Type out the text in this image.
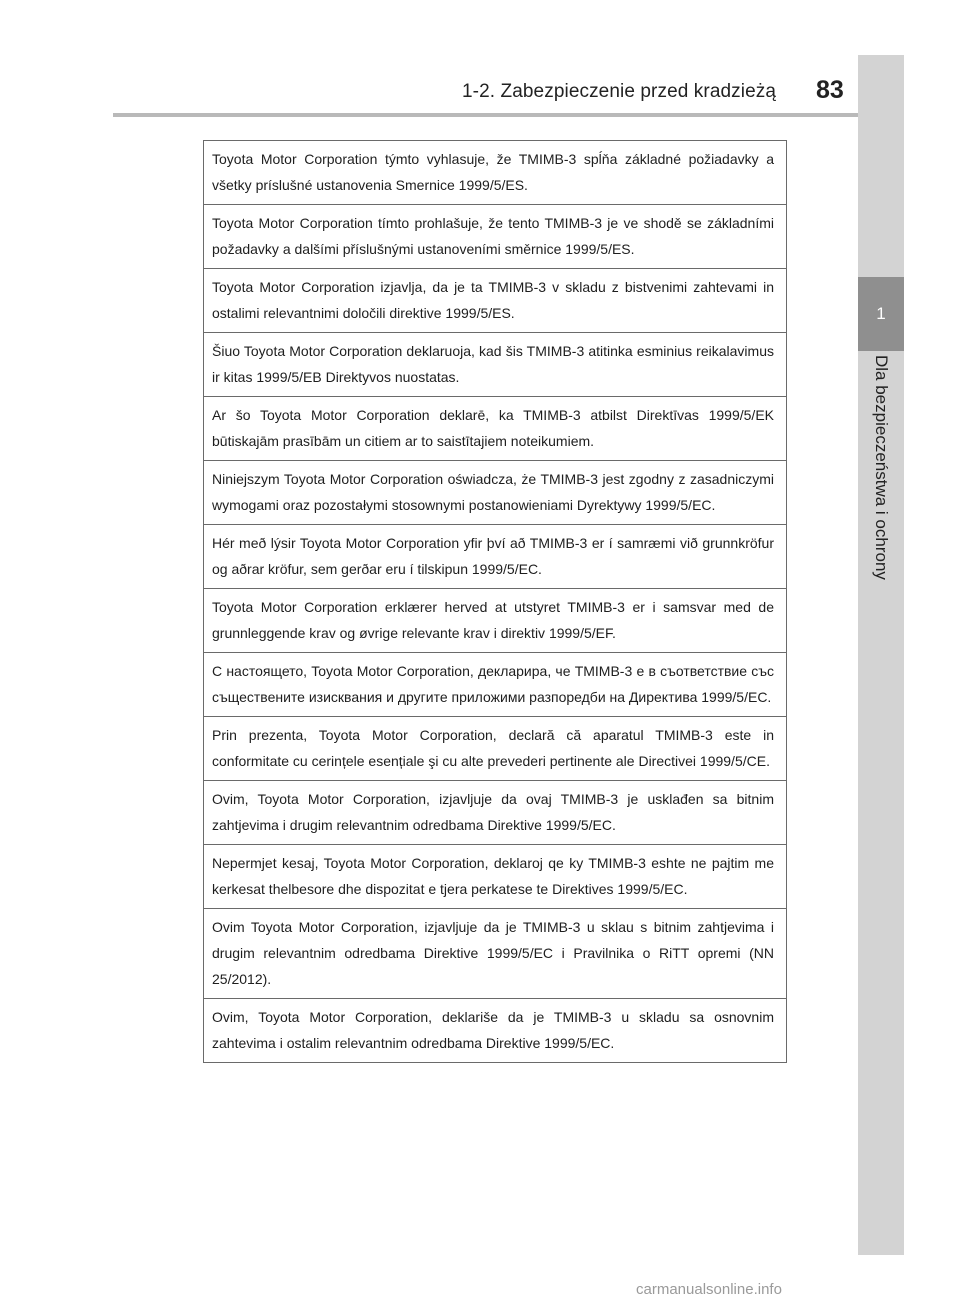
1-2. Zabezpieczenie przed kradzieżą 83
1
Dla bezpieczeństwa i ochrony
Toyota Motor Corporation týmto vyhlasuje, že TMIMB-3 spĺňa základné požiadavky a všetky príslušné ustanovenia Smernice 1999/5/ES.
Toyota Motor Corporation tímto prohlašuje, že tento TMIMB-3 je ve shodě se základními požadavky a dalšími příslušnými ustanoveními směrnice 1999/5/ES.
Toyota Motor Corporation izjavlja, da je ta TMIMB-3 v skladu z bistvenimi zahtevami in ostalimi relevantnimi določili direktive 1999/5/ES.
Šiuo Toyota Motor Corporation deklaruoja, kad šis TMIMB-3 atitinka esminius reikalavimus ir kitas 1999/5/EB Direktyvos nuostatas.
Ar šo Toyota Motor Corporation deklarē, ka TMIMB-3 atbilst Direktīvas 1999/5/EK būtiskajām prasībām un citiem ar to saistītajiem noteikumiem.
Niniejszym Toyota Motor Corporation oświadcza, że TMIMB-3 jest zgodny z zasadniczymi wymogami oraz pozostałymi stosownymi postanowieniami Dyrektywy 1999/5/EC.
Hér með lýsir Toyota Motor Corporation yfir því að TMIMB-3 er í samræmi við grunnkröfur og aðrar kröfur, sem gerðar eru í tilskipun 1999/5/EC.
Toyota Motor Corporation erklærer herved at utstyret TMIMB-3 er i samsvar med de grunnleggende krav og øvrige relevante krav i direktiv 1999/5/EF.
С настоящето, Toyota Motor Corporation, декларира, че TMIMB-3 е в съответствие със съществените изисквания и другите приложими разпоредби на Директива 1999/5/ЕС.
Prin prezenta, Toyota Motor Corporation, declară că aparatul TMIMB-3 este in conformitate cu cerințele esențiale şi cu alte prevederi pertinente ale Directivei 1999/5/CE.
Ovim, Toyota Motor Corporation, izjavljuje da ovaj TMIMB-3 je usklađen sa bitnim zahtjevima i drugim relevantnim odredbama Direktive 1999/5/EC.
Nepermjet kesaj, Toyota Motor Corporation, deklaroj qe ky TMIMB-3 eshte ne pajtim me kerkesat thelbesore dhe dispozitat e tjera perkatese te Direktives 1999/5/EC.
Ovim Toyota Motor Corporation, izjavljuje da je TMIMB-3 u sklau s bitnim zahtjevima i drugim relevantnim odredbama Direktive 1999/5/EC i Pravilnika o RiTT opremi (NN 25/2012).
Ovim, Toyota Motor Corporation, deklariše da je TMIMB-3 u skladu sa osnovnim zahtevima i ostalim relevantnim odredbama Direktive 1999/5/EC.
carmanualsonline.info
